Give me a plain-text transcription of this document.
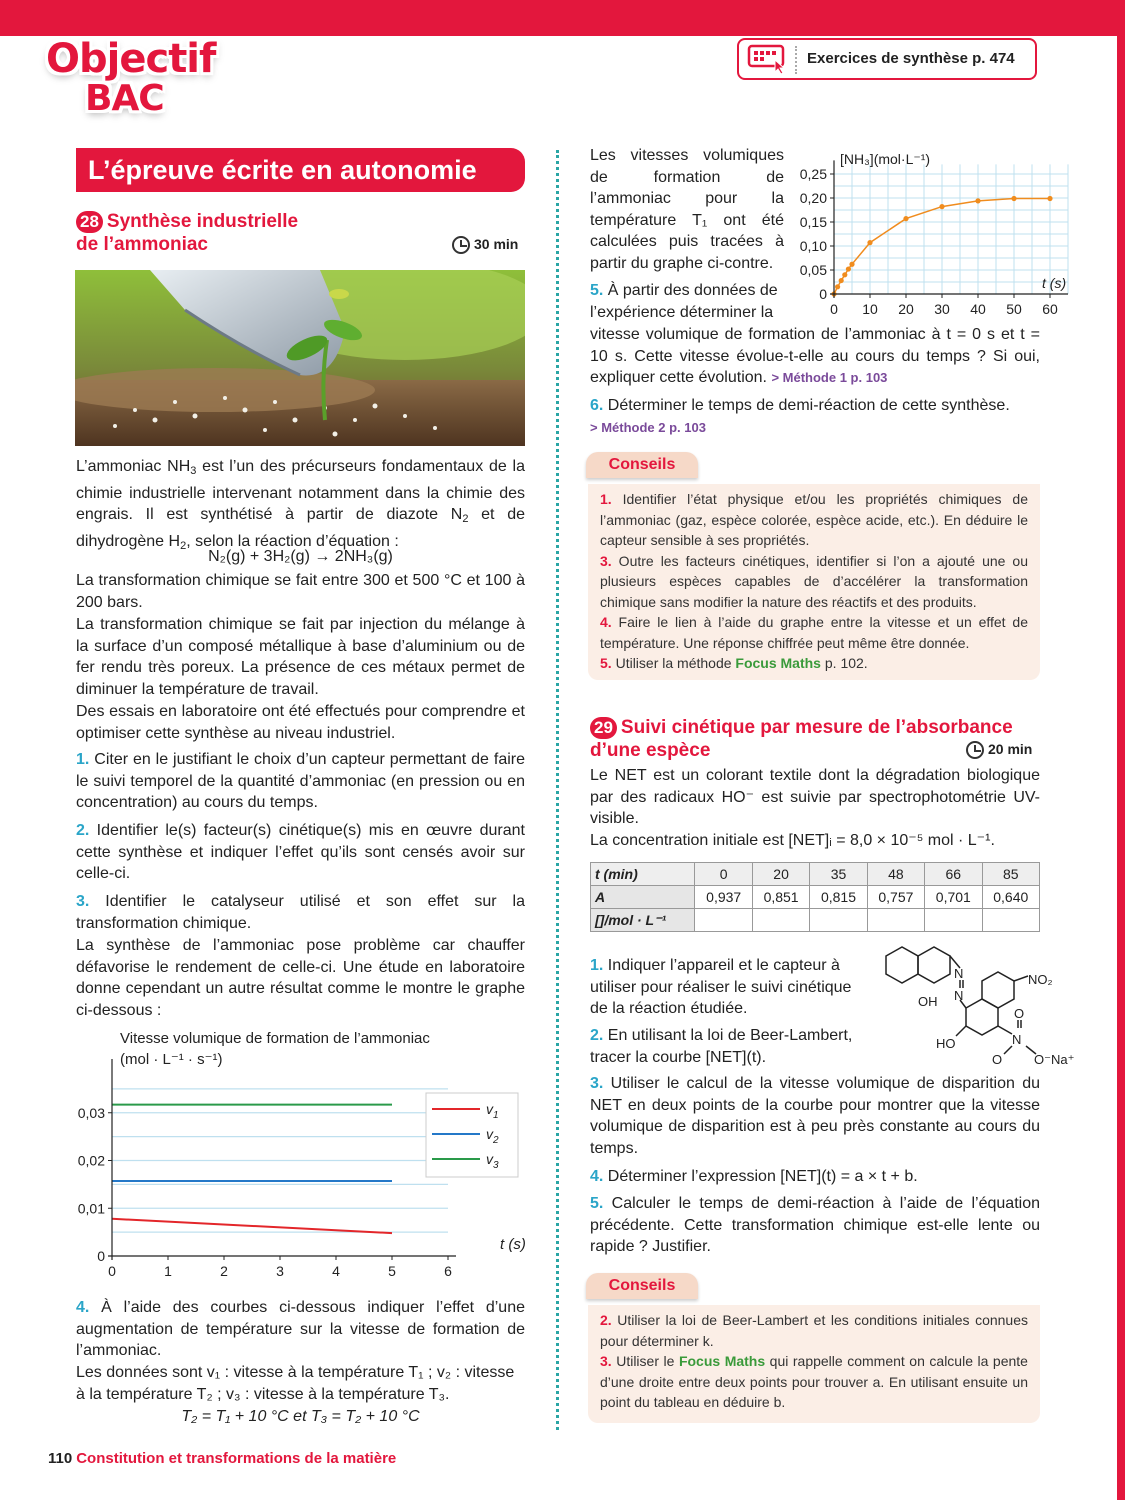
Objectif
BAC
Exercices de synthèse p. 474
L’épreuve écrite en autonomie
28 Synthèse industrielle
de l’ammoniac	30 min
L’ammoniac $NH_3$ est l’un des précurseurs fondamentaux de la chimie industrielle intervenant notamment dans la chimie des engrais. Il est synthétisé à partir de diazote $N_2$ et de dihydrogène $H_2$, selon la réaction d’équation :
N₂(g) + 3H₂(g) → 2NH₃(g)
La transformation chimique se fait entre 300 et 500 °C et 100 à 200 bars.
La transformation chimique se fait par injection du mélange à la surface d’un composé métallique à base d’aluminium ou de fer rendu très poreux. La présence de ces métaux permet de diminuer la température de travail.
Des essais en laboratoire ont été effectués pour comprendre et optimiser cette synthèse au niveau industriel.
1. Citer en le justifiant le choix d’un capteur permettant de faire le suivi temporel de la quantité d’ammoniac (en pression ou en concentration) au cours du temps.
2. Identifier le(s) facteur(s) cinétique(s) mis en œuvre durant cette synthèse et indiquer l’effet qu’ils sont censés avoir sur celle-ci.
3. Identifier le catalyseur utilisé et son effet sur la transformation chimique.
La synthèse de l’ammoniac pose problème car chauffer défavorise le rendement de celle-ci. Une étude en laboratoire donne cependant un autre résultat comme le montre le graphe ci-dessous :
0	1	2	3	4	5	6
0
0,01
0,02
0,03
Vitesse volumique de formation de l’ammoniac
(mol · L⁻¹ · s⁻¹)
t (s)
$v_1$
$v_2$
$v_3$
4. À l’aide des courbes ci-dessous indiquer l’effet d’une augmentation de température sur la vitesse de formation de l’ammoniac.
Les données sont v₁ : vitesse à la température T₁ ; v₂ : vitesse à la température T₂ ; v₃ : vitesse à la température T₃.
T₂ = T₁ + 10 °C et T₃ = T₂ + 10 °C
Les vitesses volumiques de formation de l’ammoniac pour la température T₁ ont été calculées puis tracées à partir du graphe ci-contre.
0 10 20 30 40 50 60
0
0,05
0,10
0,15
0,20
0,25
[NH₃](mol·L⁻¹)
t (s)
5. À partir des données de l’expérience déterminer la
vitesse volumique de formation de l’ammoniac à t = 0 s et t = 10 s. Cette vitesse évolue-t-elle au cours du temps ? Si oui, expliquer cette évolution. > Méthode 1 p. 103
6. Déterminer le temps de demi-réaction de cette synthèse.
> Méthode 2 p. 103
Conseils
1. Identifier l’état physique et/ou les propriétés chimiques de l’ammoniac (gaz, espèce colorée, espèce acide, etc.). En déduire le capteur sensible à ses propriétés.
3. Outre les facteurs cinétiques, identifier si l’on a ajouté une ou plusieurs espèces capables de d’accélérer la transformation chimique sans modifier la nature des réactifs et des produits.
4. Faire le lien à l’aide du graphe entre la vitesse et un effet de température. Une réponse chiffrée peut même être donnée.
5. Utiliser la méthode Focus Maths p. 102.
29 Suivi cinétique par mesure de l’absorbance
d’une espèce	20 min
Le NET est un colorant textile dont la dégradation biologique par des radicaux HO⁻ est suivie par spectrophotométrie UV-visible.
La concentration initiale est [NET]ᵢ = 8,0 × 10⁻⁵ mol · L⁻¹.
t (min)	0	20	35	48	66	85
A	0,937	0,851	0,815	0,757	0,701	0,640
[]/mol · L⁻¹						
1. Indiquer l’appareil et le capteur à utiliser pour réaliser le suivi cinétique de la réaction étudiée.
2. En utilisant la loi de Beer-Lambert, tracer la courbe [NET](t).
OH
N
N
NO₂
HO
O
N
O O⁻Na⁺
3. Utiliser le calcul de la vitesse volumique de disparition du NET en deux points de la courbe pour montrer que la vitesse volumique de disparition est à peu près constante au cours du temps.
4. Déterminer l’expression [NET](t) = a × t + b.
5. Calculer le temps de demi-réaction à l’aide de l’équation précédente. Cette transformation chimique est-elle lente ou rapide ? Justifier.
Conseils
2. Utiliser la loi de Beer-Lambert et les conditions initiales connues pour déterminer k.
3. Utiliser le Focus Maths qui rappelle comment on calcule la pente d’une droite entre deux points pour trouver a. En utilisant ensuite un point du tableau en déduire b.
110 Constitution et transformations de la matière
